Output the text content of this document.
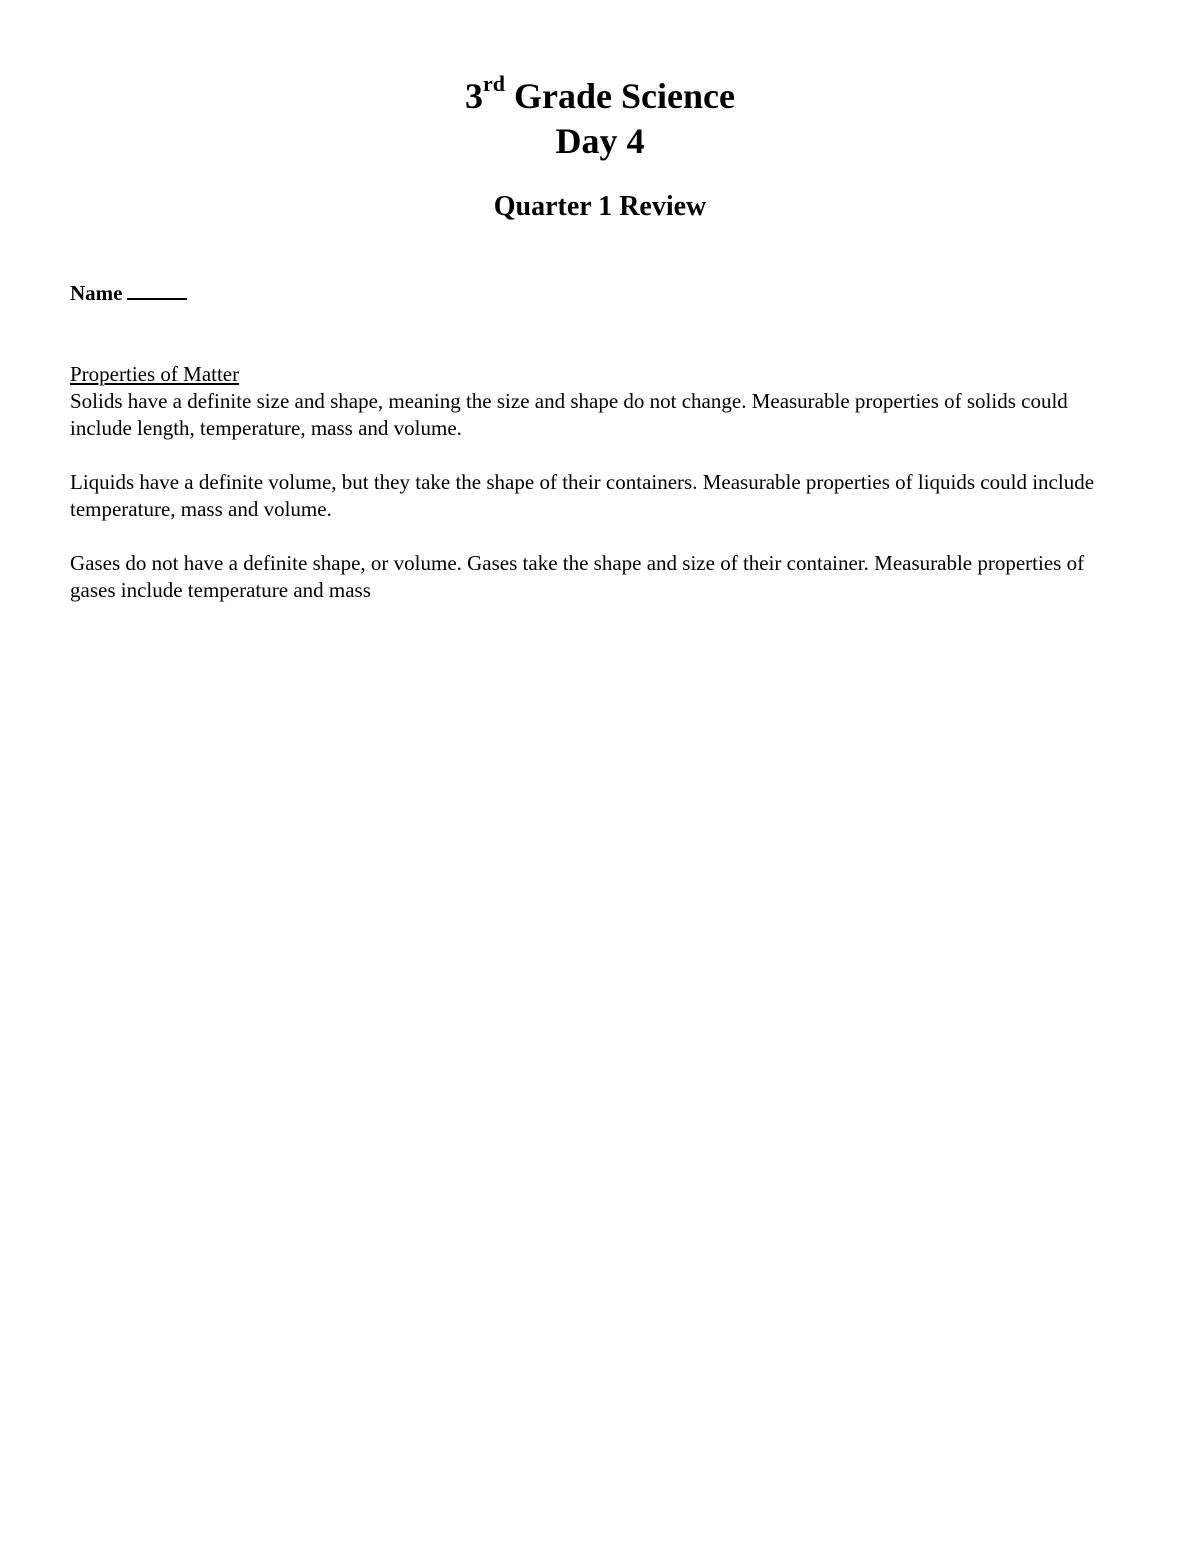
3rd Grade Science
Day 4
Quarter 1 Review

Name

Properties of Matter

Solids have a definite size and shape, meaning the size and shape do not change. Measurable properties of solids could include length, temperature, mass and volume.

Liquids have a definite volume, but they take the shape of their containers. Measurable properties of liquids could include temperature, mass and volume.

Gases do not have a definite shape, or volume. Gases take the shape and size of their container. Measurable properties of gases include temperature and mass
